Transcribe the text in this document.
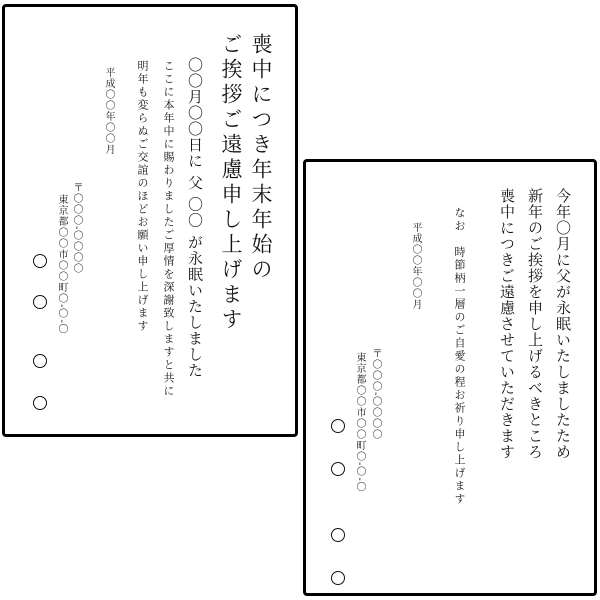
喪中につき年末年始の
ご挨拶ご遠慮申し上げます
〇〇月〇〇日に 父 〇〇 が永眠いたしました
ここに本年中に賜わりましたご厚情を深謝致しますと共に
明年も変らぬご交誼のほどお願い申し上げます
平成〇〇年〇〇月
〒〇〇〇-〇〇〇〇
東京都〇〇市〇〇町〇-〇-〇	今年〇月に父が永眠いたしましたため
新年のご挨拶を申し上げるべきところ
喪中につきご遠慮させていただきます
なお　時節柄一層のご自愛の程お祈り申し上げます
平成〇〇年〇〇月
〒〇〇〇-〇〇〇〇
東京都〇〇市〇〇町〇-〇-〇
